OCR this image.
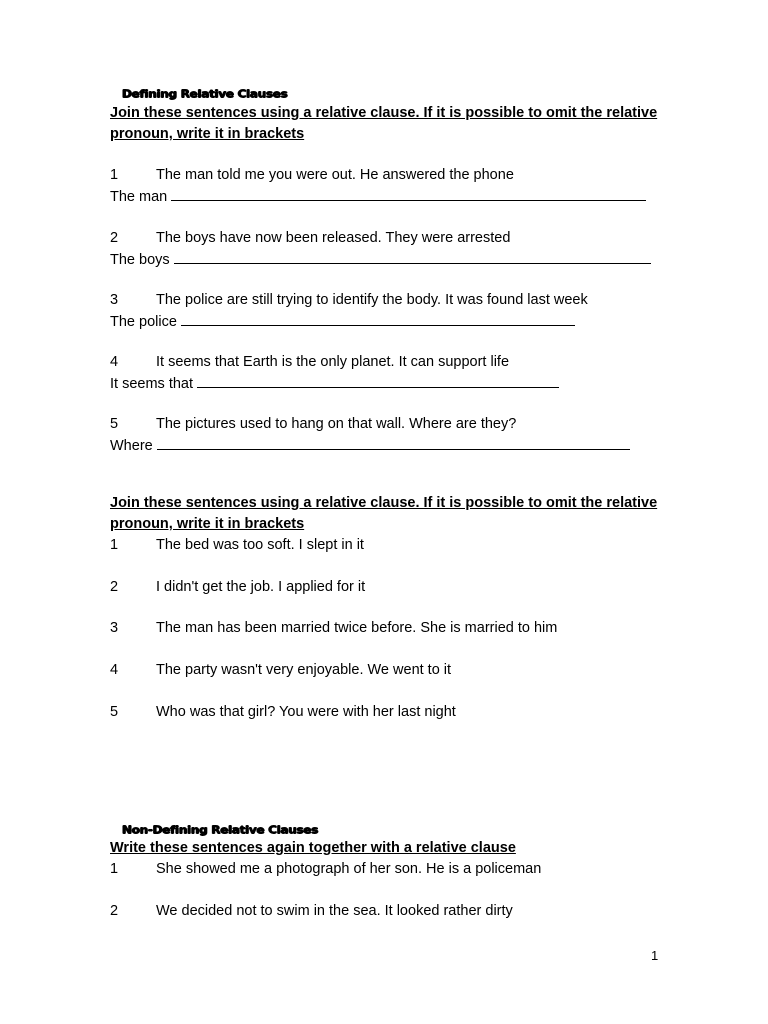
Defining Relative Clauses
Join these sentences using a relative clause. If it is possible to omit the relative pronoun, write it in brackets
1	The man told me you were out. He answered the phone
The man
2	The boys have now been released. They were arrested
The boys
3	The police are still trying to identify the body. It was found last week
The police
4	It seems that Earth is the only planet. It can support life
It seems that
5	The pictures used to hang on that wall. Where are they?
Where
Join these sentences using a relative clause. If it is possible to omit the relative pronoun, write it in brackets
1	The bed was too soft. I slept in it
2	I didn't get the job. I applied for it
3	The man has been married twice before. She is married to him
4	The party wasn't very enjoyable. We went to it
5	Who was that girl? You were with her last night
Non-Defining Relative Clauses
Write these sentences again together with a relative clause
1	She showed me a photograph of her son. He is a policeman
2	We decided not to swim in the sea. It looked rather dirty
1
